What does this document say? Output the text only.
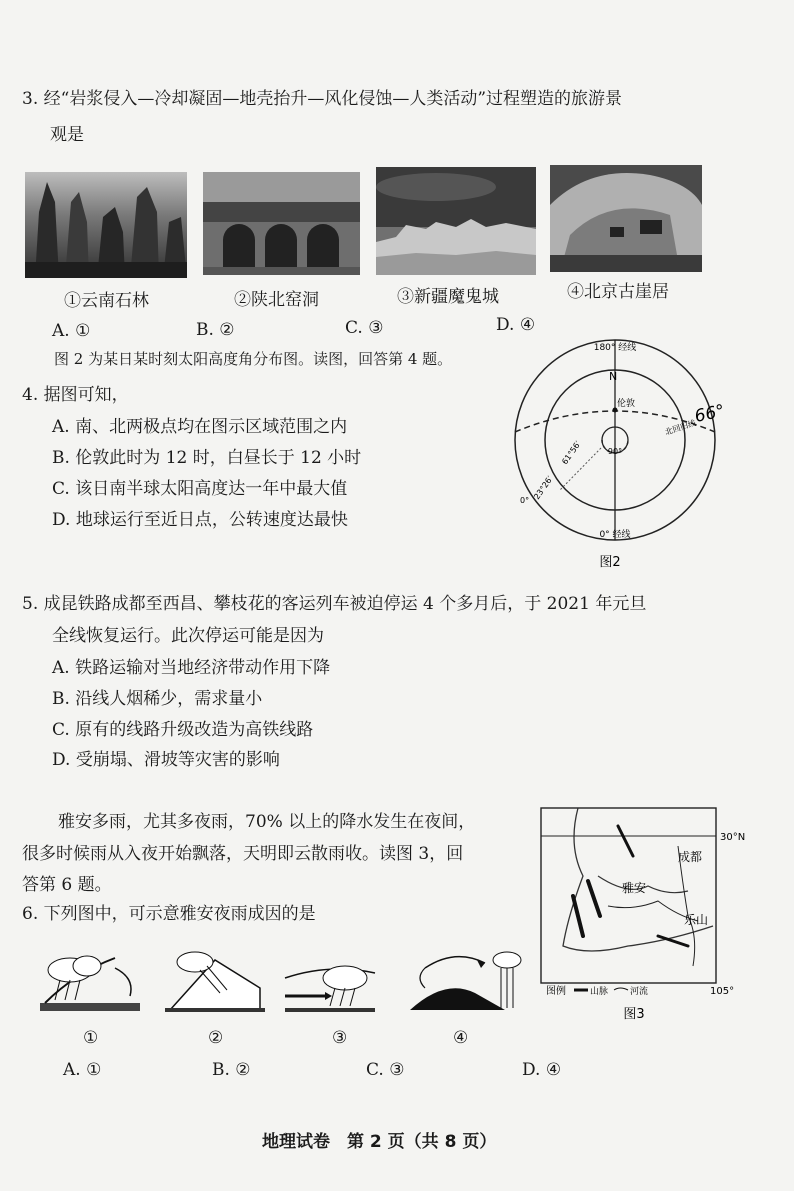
3. 经“岩浆侵入—冷却凝固—地壳抬升—风化侵蚀—人类活动”过程塑造的旅游景
观是
①云南石林	②陕北窑洞	③新疆魔鬼城	④北京古崖居
A. ①	B. ②	C. ③	D. ④
图 2 为某日某时刻太阳高度角分布图。读图，回答第 4 题。
4. 据图可知，
A. 南、北两极点均在图示区域范围之内
B. 伦敦此时为 12 时，白昼长于 12 小时
C. 该日南半球太阳高度达一年中最大值
D. 地球运行至近日点，公转速度达最快
180° 经线
N
伦敦
90°
61°56′
23°26′
0°
北回归线
66°
0° 经线
图2
5. 成昆铁路成都至西昌、攀枝花的客运列车被迫停运 4 个多月后，于 2021 年元旦
全线恢复运行。此次停运可能是因为
A. 铁路运输对当地经济带动作用下降
B. 沿线人烟稀少，需求量小
C. 原有的线路升级改造为高铁线路
D. 受崩塌、滑坡等灾害的影响
雅安多雨，尤其多夜雨，70% 以上的降水发生在夜间，
很多时候雨从入夜开始飘落，天明即云散雨收。读图 3，回
答第 6 题。
6. 下列图中，可示意雅安夜雨成因的是
30°N
成都
雅安
乐山
105°
图例	山脉 河流
图3
①	②	③	④
A. ①	B. ②	C. ③	D. ④
地理试卷　第 2 页（共 8 页）
